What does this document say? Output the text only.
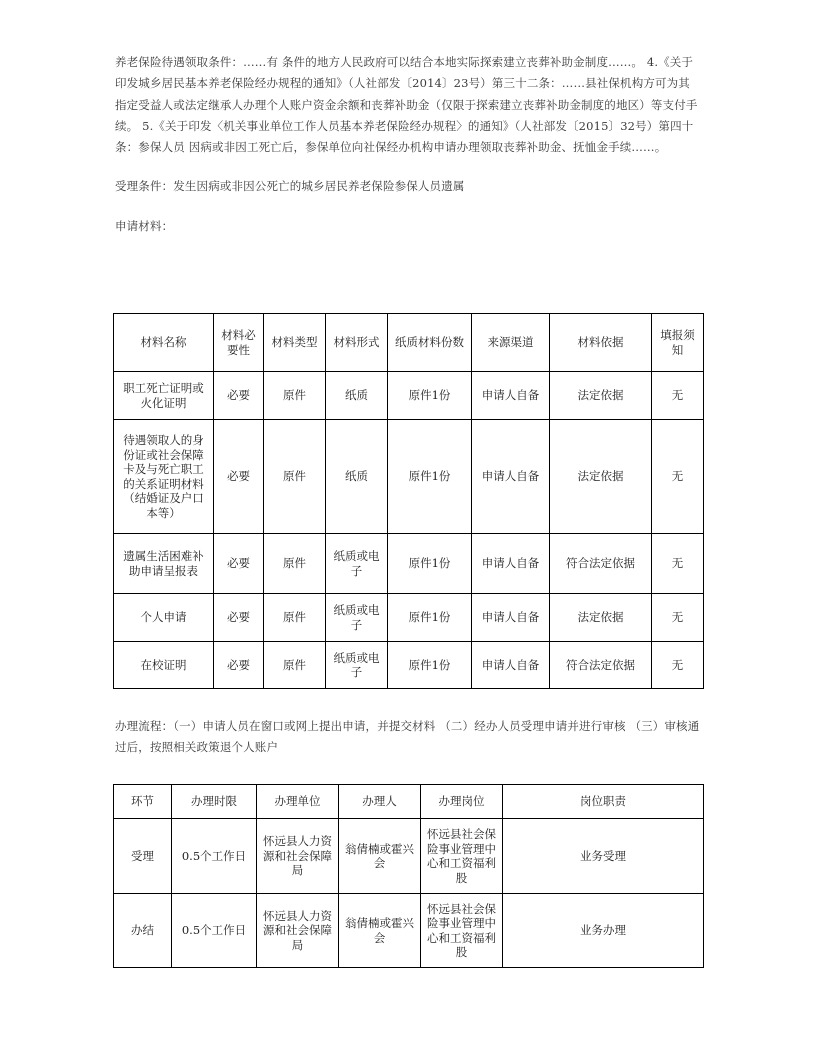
养老保险待遇领取条件：……有 条件的地方人民政府可以结合本地实际探索建立丧葬补助金制度……。 4.《关于印发城乡居民基本养老保险经办规程的通知》（人社部发〔2014〕23号）第三十二条：……县社保机构方可为其 指定受益人或法定继承人办理个人账户资金余额和丧葬补助金（仅限于探索建立丧葬补助金制度的地区）等支付手续。 5.《关于印发〈机关事业单位工作人员基本养老保险经办规程〉的通知》（人社部发〔2015〕32号）第四十条：参保人员 因病或非因工死亡后，参保单位向社保经办机构申请办理领取丧葬补助金、抚恤金手续……。

受理条件：发生因病或非因公死亡的城乡居民养老保险参保人员遗属

申请材料：

材料名称	材料必要性	材料类型	材料形式	纸质材料份数	来源渠道	材料依据	填报须知
职工死亡证明或火化证明	必要	原件	纸质	原件1份	申请人自备	法定依据	无
待遇领取人的身份证或社会保障卡及与死亡职工的关系证明材料（结婚证及户口本等）	必要	原件	纸质	原件1份	申请人自备	法定依据	无
遗属生活困难补助申请呈报表	必要	原件	纸质或电子	原件1份	申请人自备	符合法定依据	无
个人申请	必要	原件	纸质或电子	原件1份	申请人自备	法定依据	无
在校证明	必要	原件	纸质或电子	原件1份	申请人自备	符合法定依据	无

办理流程：（一）申请人员在窗口或网上提出申请，并提交材料 （二）经办人员受理申请并进行审核 （三）审核通过后，按照相关政策退个人账户

环节	办理时限	办理单位	办理人	办理岗位	岗位职责
受理	0.5个工作日	怀远县人力资源和社会保障局	翁倩楠或霍兴会	怀远县社会保险事业管理中心和工资福利股	业务受理
办结	0.5个工作日	怀远县人力资源和社会保障局	翁倩楠或霍兴会	怀远县社会保险事业管理中心和工资福利股	业务办理
